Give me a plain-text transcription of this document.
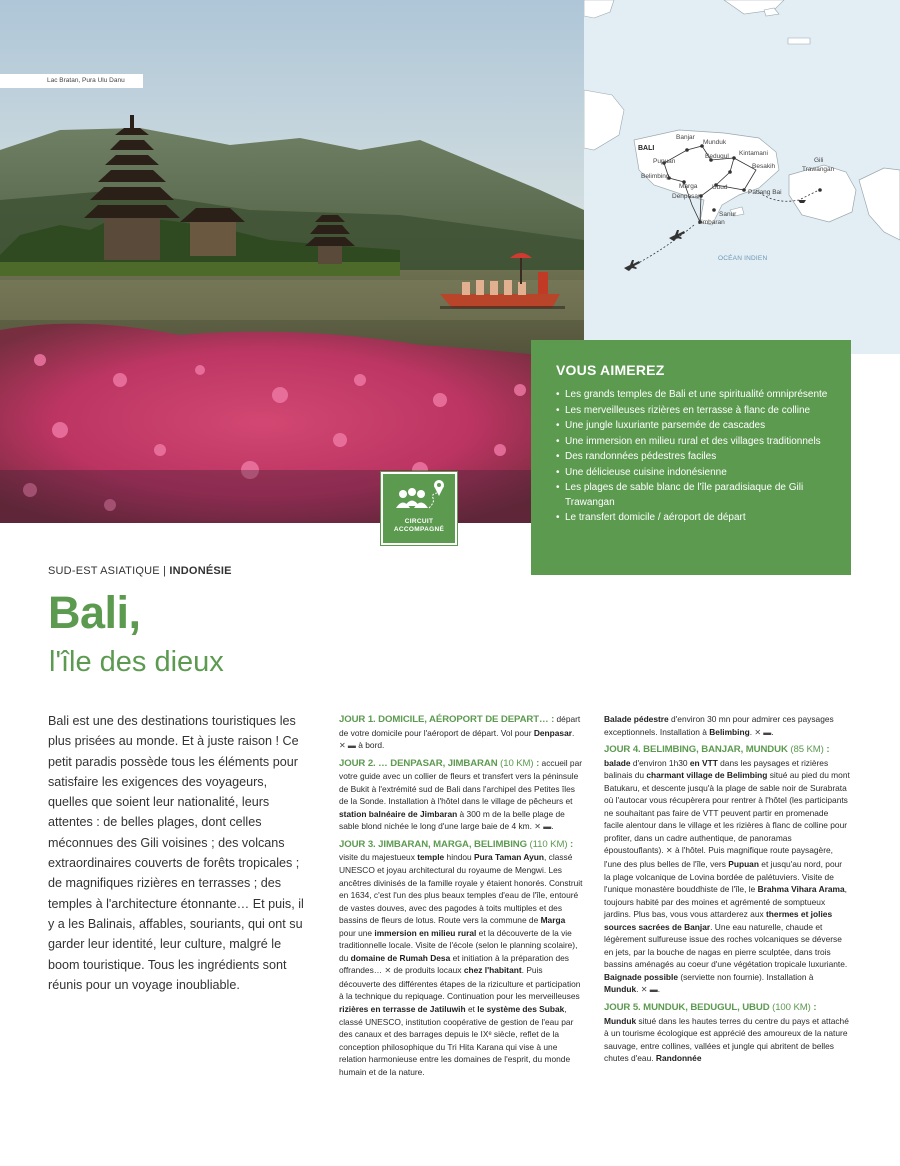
Lac Bratan, Pura Ulu Danu
BALI
Banjar
Munduk
Bedugul Kintamani
Pupuan
Besakih
Belimbing
Marga Ubud
Denpasar
Padang Bai
Sanur
Jimbaran
Gili
Trawangan
OCÉAN INDIEN
VOUS AIMEREZ
• Les grands temples de Bali et une spiritualité omniprésente
• Les merveilleuses rizières en terrasse à flanc de colline
• Une jungle luxuriante parsemée de cascades
• Une immersion en milieu rural et des villages traditionnels
• Des randonnées pédestres faciles
• Une délicieuse cuisine indonésienne
• Les plages de sable blanc de l'île paradisiaque de Gili Trawangan
• Le transfert domicile / aéroport de départ
CIRCUIT
ACCOMPAGNÉ
SUD-EST ASIATIQUE | INDONÉSIE
Bali,
l'île des dieux

Bali est une des destinations touristiques les plus prisées au monde. Et à juste raison ! Ce petit paradis possède tous les éléments pour satisfaire les exigences des voyageurs, quelles que soient leur nationalité, leurs attentes : de belles plages, dont celles méconnues des Gili voisines ; des volcans extraordinaires couverts de forêts tropicales ; de magnifiques rizières en terrasses ; des temples à l'architecture étonnante… Et puis, il y a les Balinais, affables, souriants, qui ont su garder leur identité, leur culture, malgré le boom touristique. Tous les ingrédients sont réunis pour un voyage inoubliable.

JOUR 1. DOMICILE, AÉROPORT DE DEPART… : départ de votre domicile pour l'aéroport de départ. Vol pour Denpasar. ✕ ▬ à bord.

JOUR 2. … DENPASAR, JIMBARAN (10 KM) : accueil par votre guide avec un collier de fleurs et transfert vers la péninsule de Bukit à l'extrémité sud de Bali dans l'archipel des Petites îles de la Sonde. Installation à l'hôtel dans le village de pêcheurs et station balnéaire de Jimbaran à 300 m de la belle plage de sable blond nichée le long d'une large baie de 4 km. ✕ ▬.

JOUR 3. JIMBARAN, MARGA, BELIMBING (110 KM) : visite du majestueux temple hindou Pura Taman Ayun, classé UNESCO et joyau architectural du royaume de Mengwi. Les ancêtres divinisés de la famille royale y étaient honorés. Construit en 1634, c'est l'un des plus beaux temples d'eau de l'île, entouré de vastes douves, avec des pagodes à toits multiples et des bassins de fleurs de lotus. Route vers la commune de Marga pour une immersion en milieu rural et la découverte de la vie traditionnelle locale. Visite de l'école (selon le planning scolaire), du domaine de Rumah Desa et initiation à la préparation des offrandes… ✕ de produits locaux chez l'habitant. Puis découverte des différentes étapes de la riziculture et participation à la technique du repiquage. Continuation pour les merveilleuses rizières en terrasse de Jatiluwih et le système des Subak, classé UNESCO, institution coopérative de gestion de l'eau par des canaux et des barrages depuis le IXᵉ siècle, reflet de la conception philosophique du Tri Hita Karana qui vise à une relation harmonieuse entre les domaines de l'esprit, du monde humain et de la nature.

Balade pédestre d'environ 30 mn pour admirer ces paysages exceptionnels. Installation à Belimbing. ✕ ▬.

JOUR 4. BELIMBING, BANJAR, MUNDUK (85 KM) : balade d'environ 1h30 en VTT dans les paysages et rizières balinais du charmant village de Belimbing situé au pied du mont Batukaru, et descente jusqu'à la plage de sable noir de Surabrata où l'autocar vous récupèrera pour rentrer à l'hôtel (les participants ne souhaitant pas faire de VTT peuvent partir en promenade facile alentour dans le village et les rizières à flanc de colline pour profiter, dans un cadre authentique, de panoramas époustouflants). ✕ à l'hôtel. Puis magnifique route paysagère, l'une des plus belles de l'île, vers Pupuan et jusqu'au nord, pour la plage volcanique de Lovina bordée de palétuviers. Visite de l'unique monastère bouddhiste de l'île, le Brahma Vihara Arama, toujours habité par des moines et agrémenté de somptueux jardins. Plus bas, vous vous attarderez aux thermes et jolies sources sacrées de Banjar. Une eau naturelle, chaude et légèrement sulfureuse issue des roches volcaniques se déverse en jets, par la bouche de nagas en pierre sculptée, dans trois bassins aménagés au coeur d'une végétation tropicale luxuriante. Baignade possible (serviette non fournie). Installation à Munduk. ✕ ▬.

JOUR 5. MUNDUK, BEDUGUL, UBUD (100 KM) : Munduk situé dans les hautes terres du centre du pays et attaché à un tourisme écologique est apprécié des amoureux de la nature sauvage, entre collines, vallées et jungle qui abritent de belles chutes d'eau. Randonnée
